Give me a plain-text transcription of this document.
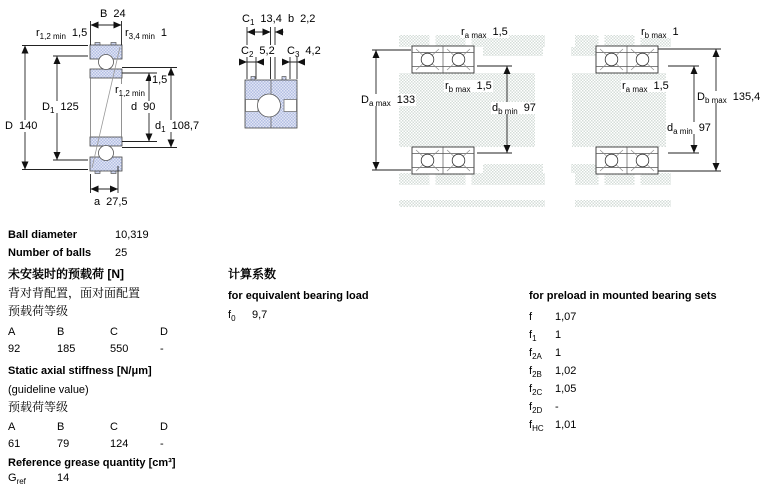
B 24
$r_{1,2 min}$ 1,5	$r_{3,4 min}$ 1
$D_1$ 125
D 140
$r_{1,2 min}$
1,5
d 90
$d_1$ 108,7
a 27,5
$C_1$ 13,4 b 2,2
$C_2$ 5,2 $C_3$ 4,2
$r_{a max}$ 1,5
$r_{b max}$ 1,5
$D_{a max}$ 133
$d_{b min}$ 97
$r_{b max}$ 1
$r_{a max}$ 1,5
$D_{b max}$ 135,4
$d_{a min}$ 97
Ball diameter	10,319
Number of balls 25
未安装时的预载荷 [N]
背对背配置，面对面配置
预载荷等级
A	B	C	D
92	185	550	-
Static axial stiffness [N/μm]
(guideline value)
预载荷等级
A	B	C	D
61	79	124	-
Reference grease quantity [cm³]
$G_{ref}$	14
计算系数
for equivalent bearing load
$f_0$ 9,7
for preload in mounted bearing sets
f 1,07
$f_1$ 1
$f_{2A}$ 1
$f_{2B}$ 1,02
$f_{2C}$ 1,05
$f_{2D}$ -
$f_{HC}$ 1,01
